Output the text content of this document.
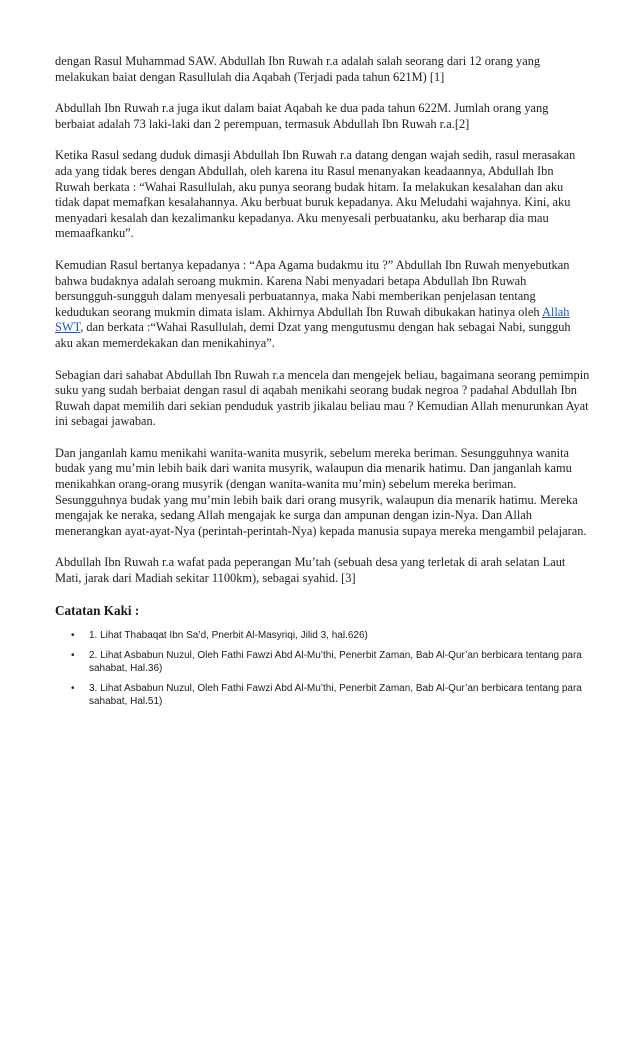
dengan Rasul Muhammad SAW. Abdullah Ibn Ruwah r.a adalah salah seorang dari 12 orang yang melakukan baiat dengan Rasullulah dia Aqabah (Terjadi pada tahun 621M) [1]

Abdullah Ibn Ruwah r.a juga ikut dalam baiat Aqabah ke dua pada tahun 622M. Jumlah orang yang berbaiat adalah 73 laki-laki dan 2 perempuan, termasuk Abdullah Ibn Ruwah r.a.[2]

Ketika Rasul sedang duduk dimasji Abdullah Ibn Ruwah r.a datang dengan wajah sedih, rasul merasakan ada yang tidak beres dengan Abdullah, oleh karena itu Rasul menanyakan keadaannya, Abdullah Ibn Ruwah berkata : “Wahai Rasullulah, aku punya seorang budak hitam. Ia melakukan kesalahan dan aku tidak dapat memafkan kesalahannya. Aku berbuat buruk kepadanya. Aku Meludahi wajahnya. Kini, aku menyadari kesalah dan kezalimanku kepadanya. Aku menyesali perbuatanku, aku berharap dia mau memaafkanku”.

Kemudian Rasul bertanya kepadanya : “Apa Agama budakmu itu ?” Abdullah Ibn Ruwah menyebutkan bahwa budaknya adalah seroang mukmin. Karena Nabi menyadari betapa Abdullah Ibn Ruwah bersungguh-sungguh dalam menyesali perbuatannya, maka Nabi memberikan penjelasan tentang kedudukan seorang mukmin dimata islam. Akhirnya Abdullah Ibn Ruwah dibukakan hatinya oleh Allah SWT, dan berkata :“Wahai Rasullulah, demi Dzat yang mengutusmu dengan hak sebagai Nabi, sungguh aku akan memerdekakan dan menikahinya”.

Sebagian dari sahabat Abdullah Ibn Ruwah r.a mencela dan mengejek beliau, bagaimana seorang pemimpin suku yang sudah berbaiat dengan rasul di aqabah menikahi seorang budak negroa ? padahal Abdullah Ibn Ruwah dapat memilih dari sekian penduduk yastrib jikalau beliau mau ? Kemudian Allah menurunkan Ayat ini sebagai jawaban.

Dan janganlah kamu menikahi wanita-wanita musyrik, sebelum mereka beriman. Sesungguhnya wanita budak yang mu’min lebih baik dari wanita musyrik, walaupun dia menarik hatimu. Dan janganlah kamu menikahkan orang-orang musyrik (dengan wanita-wanita mu’min) sebelum mereka beriman. Sesungguhnya budak yang mu’min lebih baik dari orang musyrik, walaupun dia menarik hatimu. Mereka mengajak ke neraka, sedang Allah mengajak ke surga dan ampunan dengan izin-Nya. Dan Allah menerangkan ayat-ayat-Nya (perintah-perintah-Nya) kepada manusia supaya mereka mengambil pelajaran.

Abdullah Ibn Ruwah r.a wafat pada peperangan Mu’tah (sebuah desa yang terletak di arah selatan Laut Mati, jarak dari Madiah sekitar 1100km), sebagai syahid. [3]

Catatan Kaki :
• 1. Lihat Thabaqat Ibn Sa’d, Pnerbit Al-Masyriqi, Jilid 3, hal.626)
• 2. Lihat Asbabun Nuzul, Oleh Fathi Fawzi Abd Al-Mu’thi, Penerbit Zaman, Bab Al-Qur’an berbicara tentang para sahabat, Hal.36)
• 3. Lihat Asbabun Nuzul, Oleh Fathi Fawzi Abd Al-Mu’thi, Penerbit Zaman, Bab Al-Qur’an berbicara tentang para sahabat, Hal.51)
